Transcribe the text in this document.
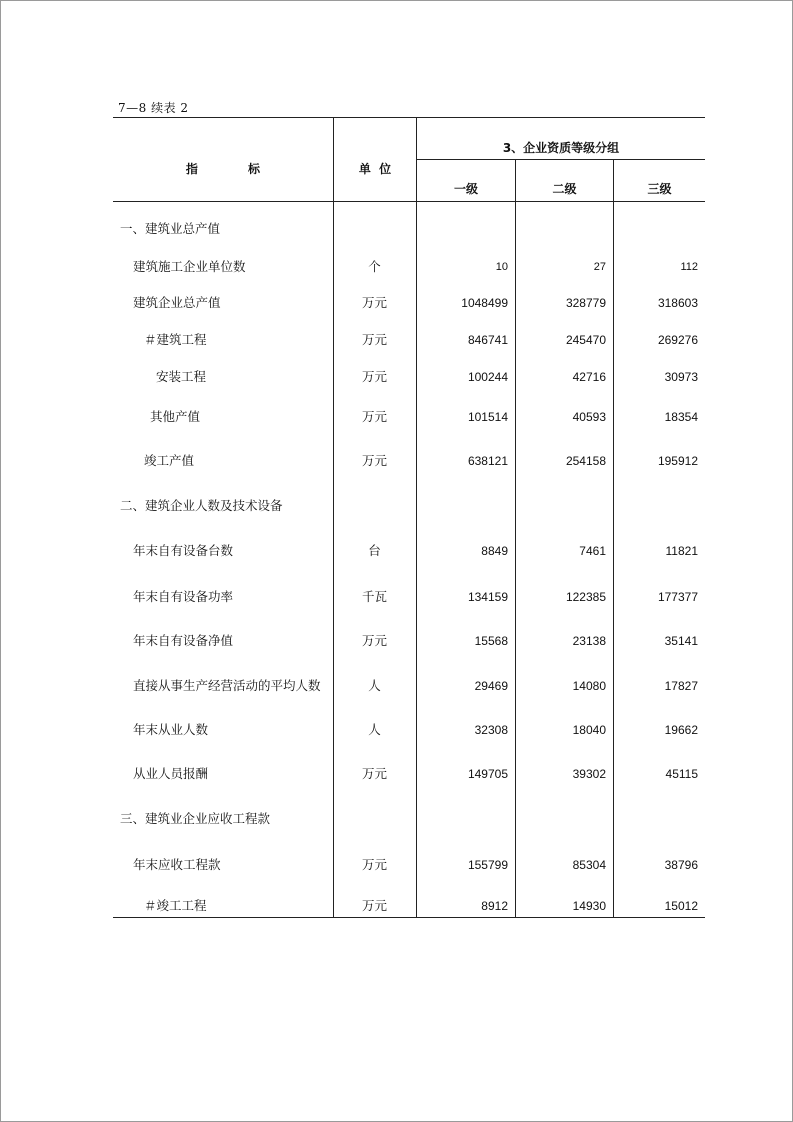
7—8 续表 2
指            标	单  位
3、企业资质等级分组
一级	二级	三级
一、建筑业总产值
建筑施工企业单位数	个	10	27	112
建筑企业总产值	万元	1048499	328779	318603
＃建筑工程	万元	846741	245470	269276
安装工程	万元	100244	42716	30973
其他产值	万元	101514	40593	18354
竣工产值	万元	638121	254158	195912
二、建筑企业人数及技术设备
年末自有设备台数	台	8849	7461	11821
年末自有设备功率	千瓦	134159	122385	177377
年末自有设备净值	万元	15568	23138	35141
直接从事生产经营活动的平均人数	人	29469	14080	17827
年末从业人数	人	32308	18040	19662
从业人员报酬	万元	149705	39302	45115
三、建筑业企业应收工程款
年末应收工程款	万元	155799	85304	38796
＃竣工工程	万元	8912	14930	15012
